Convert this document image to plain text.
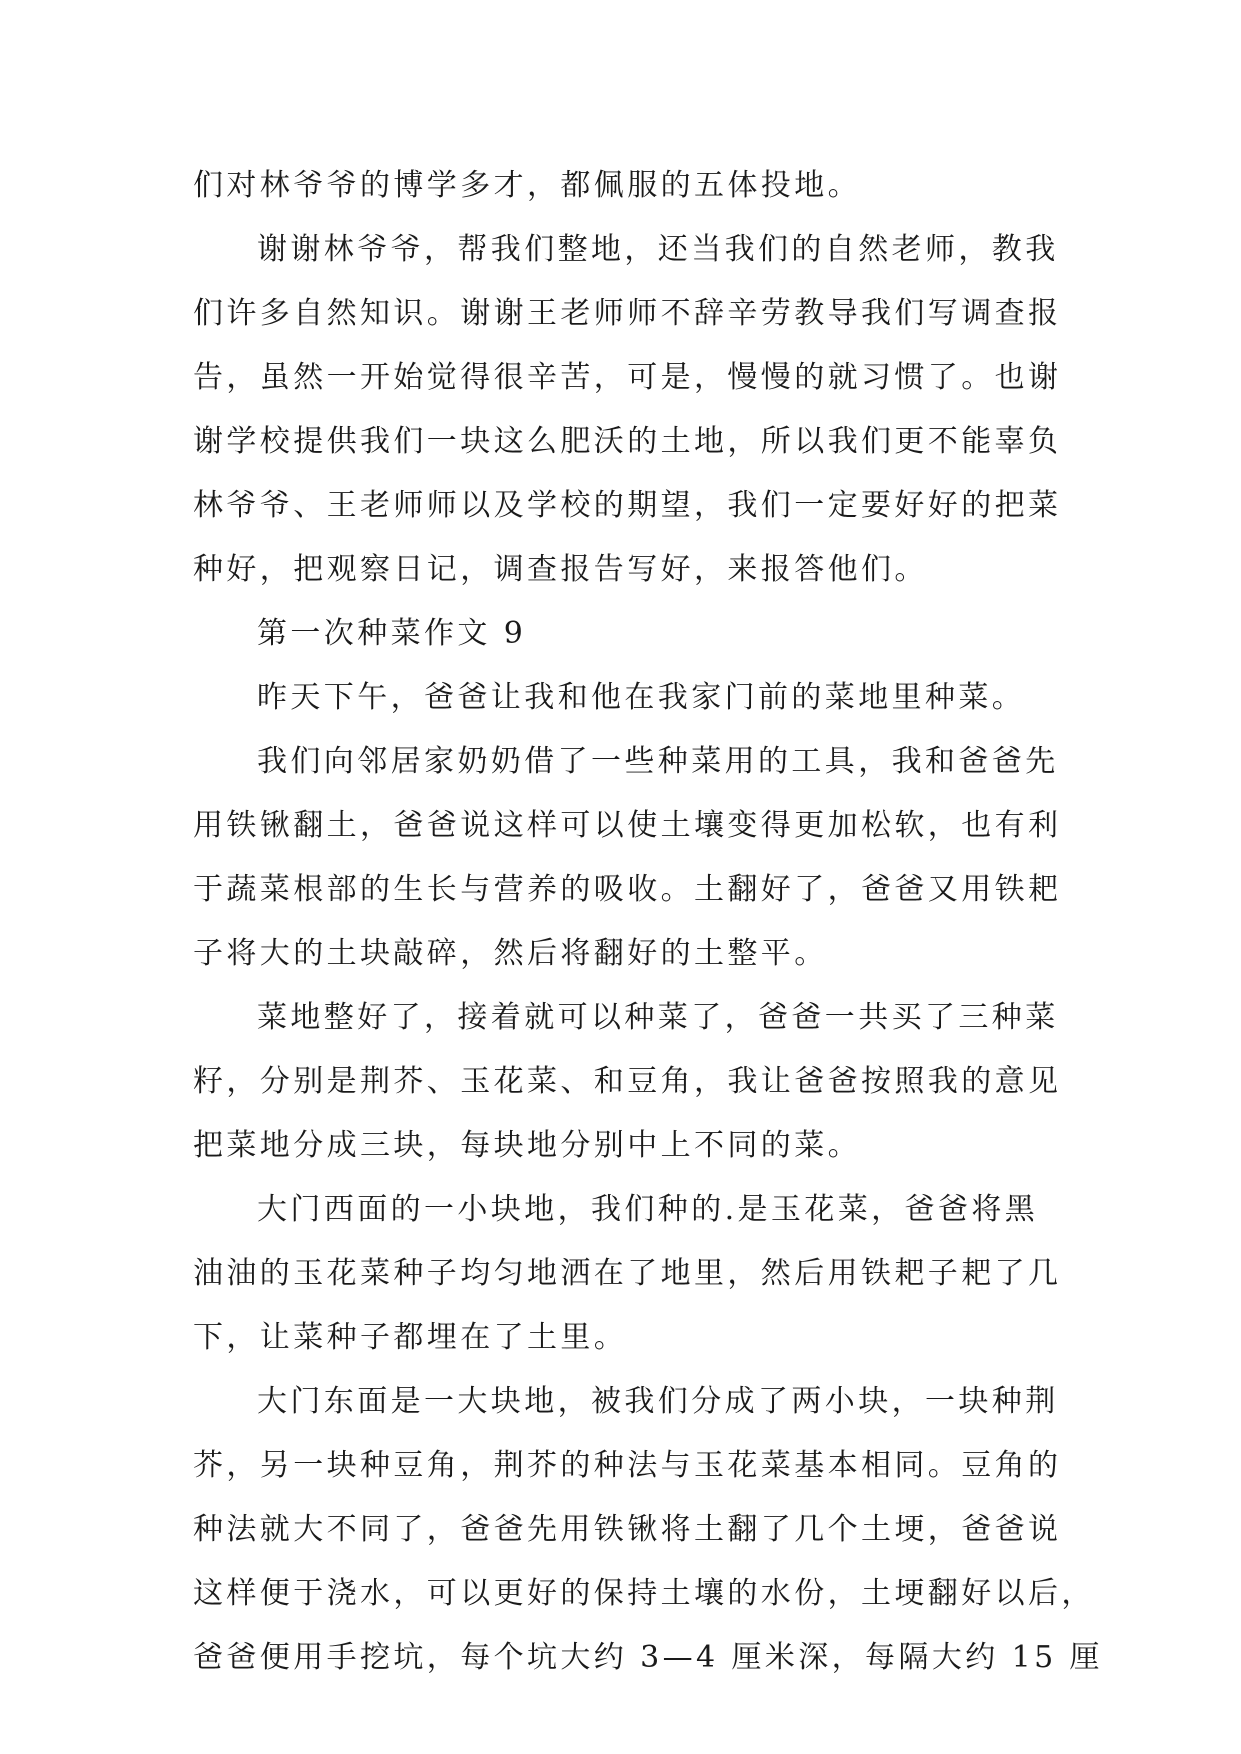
们对林爷爷的博学多才，都佩服的五体投地。
谢谢林爷爷，帮我们整地，还当我们的自然老师，教我
们许多自然知识。谢谢王老师师不辞辛劳教导我们写调查报
告，虽然一开始觉得很辛苦，可是，慢慢的就习惯了。也谢
谢学校提供我们一块这么肥沃的土地，所以我们更不能辜负
林爷爷、王老师师以及学校的期望，我们一定要好好的把菜
种好，把观察日记，调查报告写好，来报答他们。
第一次种菜作文 9
昨天下午，爸爸让我和他在我家门前的菜地里种菜。
我们向邻居家奶奶借了一些种菜用的工具，我和爸爸先
用铁锹翻土，爸爸说这样可以使土壤变得更加松软，也有利
于蔬菜根部的生长与营养的吸收。土翻好了，爸爸又用铁耙
子将大的土块敲碎，然后将翻好的土整平。
菜地整好了，接着就可以种菜了，爸爸一共买了三种菜
籽，分别是荆芥、玉花菜、和豆角，我让爸爸按照我的意见
把菜地分成三块，每块地分别中上不同的菜。
大门西面的一小块地，我们种的.是玉花菜，爸爸将黑
油油的玉花菜种子均匀地洒在了地里，然后用铁耙子耙了几
下，让菜种子都埋在了土里。
大门东面是一大块地，被我们分成了两小块，一块种荆
芥，另一块种豆角，荆芥的种法与玉花菜基本相同。豆角的
种法就大不同了，爸爸先用铁锹将土翻了几个土埂，爸爸说
这样便于浇水，可以更好的保持土壤的水份，土埂翻好以后，
爸爸便用手挖坑，每个坑大约 3—4 厘米深，每隔大约 15 厘
